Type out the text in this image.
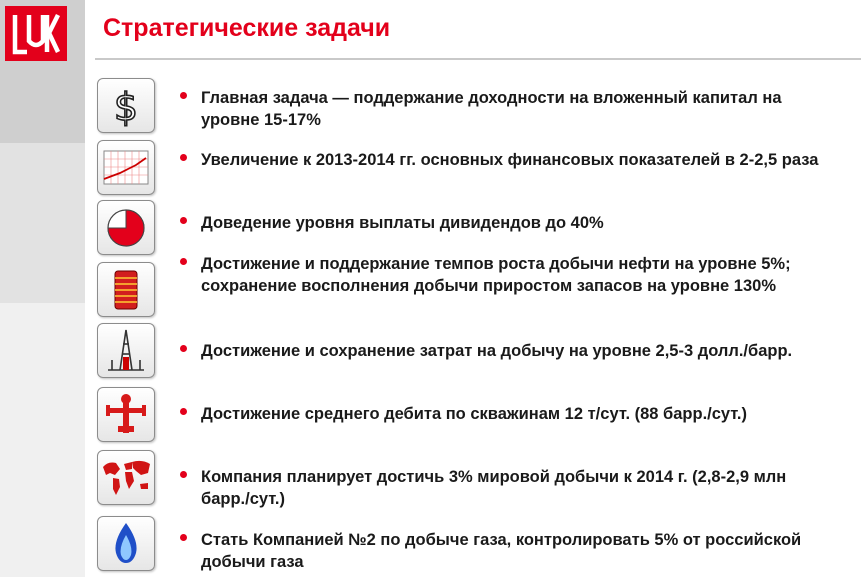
Стратегические задачи
$	Главная задача — поддержание доходности на вложенный капитал на уровне 15-17%
Увеличение к 2013-2014 гг. основных финансовых показателей в 2-2,5 раза
Доведение уровня выплаты дивидендов до 40%
Достижение и поддержание темпов роста добычи нефти на уровне 5%; сохранение восполнения добычи приростом запасов на уровне 130%
Достижение и сохранение затрат на добычу на уровне 2,5-3 долл./барр.
Достижение среднего дебита по скважинам 12 т/сут. (88 барр./сут.)
Компания планирует достичь 3% мировой добычи к 2014 г. (2,8-2,9 млн барр./сут.)
Стать Компанией №2 по добыче газа, контролировать 5% от российской добычи газа
